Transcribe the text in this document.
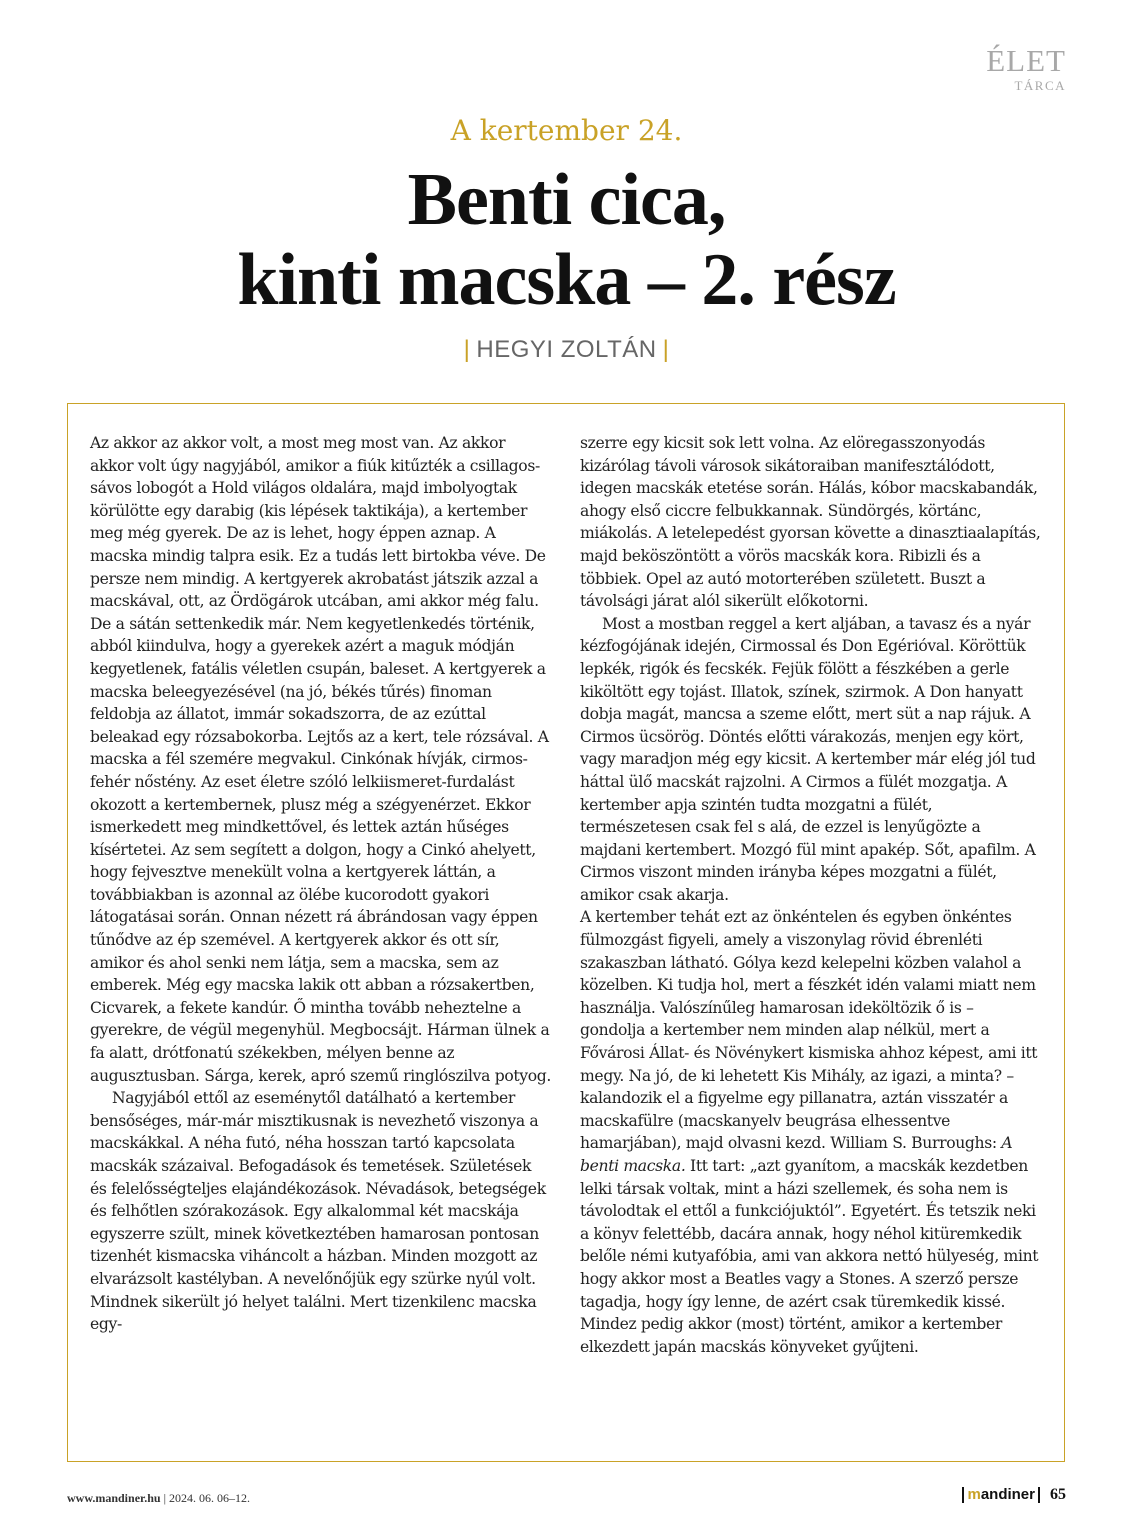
ÉLET
TÁRCA
A kertember 24.
Benti cica,
kinti macska – 2. rész
| HEGYI ZOLTÁN |

Az akkor az akkor volt, a most meg most van. Az akkor akkor volt úgy nagyjából, amikor a fiúk kitűzték a csillagos-sávos lobogót a Hold világos oldalára, majd imbolyogtak körülötte egy darabig (kis lépések taktikája), a kertember meg még gyerek. De az is lehet, hogy éppen aznap. A macska mindig talpra esik. Ez a tudás lett birtokba véve. De persze nem mindig. A kertgyerek akrobatást játszik azzal a macskával, ott, az Ördögárok utcában, ami akkor még falu. De a sátán settenkedik már. Nem kegyetlenkedés történik, abból kiindulva, hogy a gyerekek azért a maguk módján kegyetlenek, fatális véletlen csupán, baleset. A kertgyerek a macska beleegyezésével (na jó, békés tűrés) finoman feldobja az állatot, immár sokadszorra, de az ezúttal beleakad egy rózsabokorba. Lejtős az a kert, tele rózsával. A macska a fél szemére megvakul. Cinkónak hívják, cirmos-fehér nőstény. Az eset életre szóló lelkiismeret-furdalást okozott a kertembernek, plusz még a szégyenérzet. Ekkor ismerkedett meg mindkettővel, és lettek aztán hűséges kísértetei. Az sem segített a dolgon, hogy a Cinkó ahelyett, hogy fejvesztve menekült volna a kertgyerek láttán, a továbbiakban is azonnal az ölébe kucorodott gyakori látogatásai során. Onnan nézett rá ábrándosan vagy éppen tűnődve az ép szemével. A kertgyerek akkor és ott sír, amikor és ahol senki nem látja, sem a macska, sem az emberek. Még egy macska lakik ott abban a rózsakertben, Cicvarek, a fekete kandúr. Ő mintha tovább neheztelne a gyerekre, de végül megenyhül. Megbocsájt. Hárman ülnek a fa alatt, drótfonatú székekben, mélyen benne az augusztusban. Sárga, kerek, apró szemű ringlószilva potyog.

Nagyjából ettől az eseménytől datálható a kertember bensőséges, már-már misztikusnak is nevezhető viszonya a macskákkal. A néha futó, néha hosszan tartó kapcsolata macskák százaival. Befogadások és temetések. Születések és felelősségteljes elajándékozások. Névadások, betegségek és felhőtlen szórakozások. Egy alkalommal két macskája egyszerre szült, minek következtében hamarosan pontosan tizenhét kismacska viháncolt a házban. Minden mozgott az elvarázsolt kastélyban. A nevelőnőjük egy szürke nyúl volt. Mindnek sikerült jó helyet találni. Mert tizenkilenc macska egy-

szerre egy kicsit sok lett volna. Az elöregasszonyodás kizárólag távoli városok sikátoraiban manifesztálódott, idegen macskák etetése során. Hálás, kóbor macskabandák, ahogy első ciccre felbukkannak. Sündörgés, körtánc, miákolás. A letelepedést gyorsan követte a dinasztiaalapítás, majd beköszöntött a vörös macskák kora. Ribizli és a többiek. Opel az autó motorterében született. Buszt a távolsági járat alól sikerült előkotorni.

Most a mostban reggel a kert aljában, a tavasz és a nyár kézfogójának idején, Cirmossal és Don Egérióval. Köröttük lepkék, rigók és fecskék. Fejük fölött a fészkében a gerle kiköltött egy tojást. Illatok, színek, szirmok. A Don hanyatt dobja magát, mancsa a szeme előtt, mert süt a nap rájuk. A Cirmos ücsörög. Döntés előtti várakozás, menjen egy kört, vagy maradjon még egy kicsit. A kertember már elég jól tud háttal ülő macskát rajzolni. A Cirmos a fülét mozgatja. A kertember apja szintén tudta mozgatni a fülét, természetesen csak fel s alá, de ezzel is lenyűgözte a majdani kertembert. Mozgó fül mint apakép. Sőt, apafilm. A Cirmos viszont minden irányba képes mozgatni a fülét, amikor csak akarja.

A kertember tehát ezt az önkéntelen és egyben önkéntes fülmozgást figyeli, amely a viszonylag rövid ébrenléti szakaszban látható. Gólya kezd kelepelni közben valahol a közelben. Ki tudja hol, mert a fészkét idén valami miatt nem használja. Valószínűleg hamarosan ideköltözik ő is – gondolja a kertember nem minden alap nélkül, mert a Fővárosi Állat- és Növénykert kismiska ahhoz képest, ami itt megy. Na jó, de ki lehetett Kis Mihály, az igazi, a minta? – kalandozik el a figyelme egy pillanatra, aztán visszatér a macskafülre (macskanyelv beugrása elhessentve hamarjában), majd olvasni kezd. William S. Burroughs: A benti macska. Itt tart: „azt gyanítom, a macskák kezdetben lelki társak voltak, mint a házi szellemek, és soha nem is távolodtak el ettől a funkciójuktól”. Egyetért. És tetszik neki a könyv felettébb, dacára annak, hogy néhol kitüremkedik belőle némi kutyafóbia, ami van akkora nettó hülyeség, mint hogy akkor most a Beatles vagy a Stones. A szerző persze tagadja, hogy így lenne, de azért csak türemkedik kissé. Mindez pedig akkor (most) történt, amikor a kertember elkezdett japán macskás könyveket gyűjteni.

www.mandiner.hu | 2024. 06. 06–12.	mandiner 65
